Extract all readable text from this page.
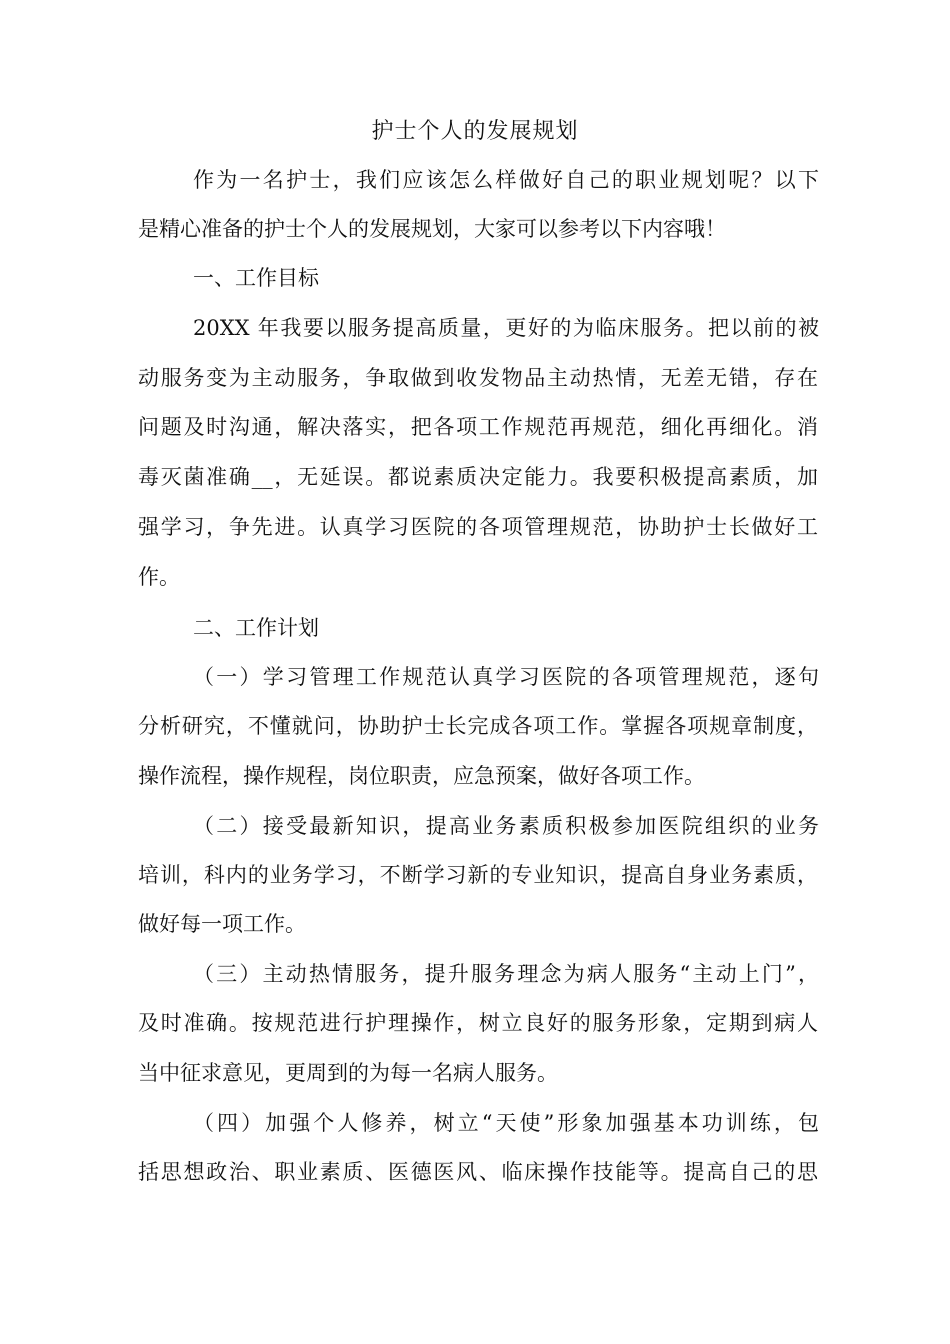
护士个人的发展规划
作为一名护士，我们应该怎么样做好自己的职业规划呢？以下
是精心准备的护士个人的发展规划，大家可以参考以下内容哦！
一、工作目标
20XX 年我要以服务提高质量，更好的为临床服务。把以前的被
动服务变为主动服务，争取做到收发物品主动热情，无差无错，存在
问题及时沟通，解决落实，把各项工作规范再规范，细化再细化。消
毒灭菌准确__，无延误。都说素质决定能力。我要积极提高素质，加
强学习，争先进。认真学习医院的各项管理规范，协助护士长做好工
作。
二、工作计划
（一）学习管理工作规范认真学习医院的各项管理规范，逐句
分析研究，不懂就问，协助护士长完成各项工作。掌握各项规章制度，
操作流程，操作规程，岗位职责，应急预案，做好各项工作。
（二）接受最新知识，提高业务素质积极参加医院组织的业务
培训，科内的业务学习，不断学习新的专业知识，提高自身业务素质，
做好每一项工作。
（三）主动热情服务，提升服务理念为病人服务“主动上门”，
及时准确。按规范进行护理操作，树立良好的服务形象，定期到病人
当中征求意见，更周到的为每一名病人服务。
（四）加强个人修养，树立“天使”形象加强基本功训练，包
括思想政治、职业素质、医德医风、临床操作技能等。提高自己的思
